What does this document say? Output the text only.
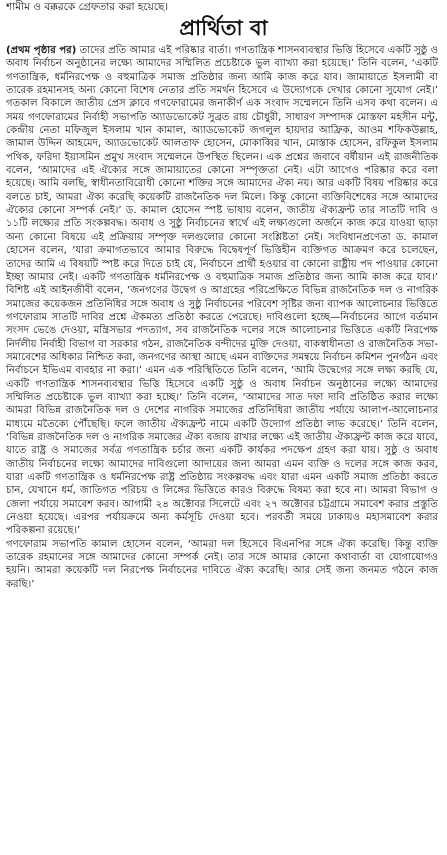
শামীম ও বক্করকে গ্রেফতার করা হয়েছে।
প্রার্থিতা বা

(প্রথম পৃষ্ঠার পর) তাদের প্রতি আমার এই পরিষ্কার বার্তা। গণতান্ত্রিক শাসনব্যবস্থার ভিত্তি হিসেবে একটি সুষ্ঠু ও অবাধ নির্বাচন অনুষ্ঠানের লক্ষ্যে আমাদের সম্মিলিত প্রচেষ্টাকে ভুল ব্যাখ্যা করা হয়েছে।’ তিনি বলেন, ‘একটি গণতান্ত্রিক, ধর্মনিরপেক্ষ ও বহুমাত্রিক সমাজ প্রতিষ্ঠার জন্য আমি কাজ করে যাব। জামায়াতে ইসলামী বা তারেক রহমানসহ অন্য কোনো বিশেষ নেতার প্রতি সমর্থন হিসেবে এ উদ্যোগকে দেখার কোনো সুযোগ নেই।’ গতকাল বিকালে জাতীয় প্রেস ক্লাবে গণফোরামের জনাকীর্ণ এক সংবাদ সম্মেলনে তিনি এসব কথা বলেন। এ সময় গণফোরামের নির্বাহী সভাপতি অ্যাডভোকেট সুব্রত রায় চৌধুরী, সাধারণ সম্পাদক মোস্তফা মহসীন মন্টু, কেন্দ্রীয় নেতা মফিজুল ইসলাম খান কামাল, অ্যাডভোকেট জগলুল হায়দার আফ্রিক, আওম শফিকউল্লাহ, জামাল উদ্দিন আহমেদ, অ্যাডভোকেট আলতাফ হোসেন, মোকাব্বির খান, মোস্তাক হোসেন, রফিকুল ইসলাম পথিক, ফরিদা ইয়াসমিন প্রমুখ সংবাদ সম্মেলনে উপস্থিত ছিলেন। এক প্রশ্নের জবাবে বর্ষীয়ান এই রাজনীতিক বলেন, ‘আমাদের এই ঐক্যের সঙ্গে জামায়াতের কোনো সম্পৃক্ততা নেই। এটা আগেও পরিষ্কার করে বলা হয়েছে। আমি বলছি, স্বাধীনতাবিরোধী কোনো শক্তির সঙ্গে আমাদের ঐক্য নয়। আর একটি বিষয় পরিষ্কার করে বলতে চাই, আমরা ঐক্য করেছি কয়েকটি রাজনৈতিক দল মিলে। কিন্তু কোনো ব্যক্তিবিশেষের সঙ্গে আমাদের ঐক্যের কোনো সম্পর্ক নেই।’ ড. কামাল হোসেন স্পষ্ট ভাষায় বলেন, জাতীয় ঐক্যফ্রন্ট তার সাতটি দাবি ও ১১টি লক্ষ্যের প্রতি সংকল্পবদ্ধ। অবাধ ও সুষ্ঠু নির্বাচনের স্বার্থে এই লক্ষ্যগুলো অর্জনে কাজ করে যাওয়া ছাড়া অন্য কোনো বিষয়ে এই প্রক্রিয়ায় সম্পৃক্ত দলগুলোর কোনো সংশ্লিষ্টতা নেই। সংবিধানপ্রণেতা ড. কামাল হোসেন বলেন, ‘যারা ক্রমাগতভাবে আমার বিরুদ্ধে বিদ্বেষপূর্ণ ভিত্তিহীন ব্যক্তিগত আক্রমণ করে চলেছেন, তাদের আমি এ বিষয়টি স্পষ্ট করে দিতে চাই যে, নির্বাচনে প্রার্থী হওয়ার বা কোনো রাষ্ট্রীয় পদ পাওয়ার কোনো ইচ্ছা আমার নেই। একটি গণতান্ত্রিক ধর্মনিরপেক্ষ ও বহুমাত্রিক সমাজ প্রতিষ্ঠার জন্য আমি কাজ করে যাব।’ বিশিষ্ট এই আইনজীবী বলেন, ‘জনগণের উদ্বেগ ও আগ্রহের পরিপ্রেক্ষিতে বিভিন্ন রাজনৈতিক দল ও নাগরিক সমাজের কয়েকজন প্রতিনিধির সঙ্গে অবাধ ও সুষ্ঠু নির্বাচনের পরিবেশ সৃষ্টির জন্য ব্যাপক আলোচনার ভিত্তিতে গণফোরাম সাতটি দাবির প্রশ্নে ঐকমত্য প্রতিষ্ঠা করতে পেরেছে। দাবিগুলো হচ্ছে—নির্বাচনের আগে বর্তমান সংসদ ভেঙে দেওয়া, মন্ত্রিসভার পদত্যাগ, সব রাজনৈতিক দলের সঙ্গে আলোচনার ভিত্তিতে একটি নিরপেক্ষ নির্দলীয় নির্বাহী বিভাগ বা সরকার গঠন, রাজনৈতিক বন্দীদের মুক্তি দেওয়া, বাকস্বাধীনতা ও রাজনৈতিক সভা-সমাবেশের অধিকার নিশ্চিত করা, জনগণের আস্থা আছে এমন ব্যক্তিদের সমন্বয়ে নির্বাচন কমিশন পুনর্গঠন এবং নির্বাচনে ইভিএম ব্যবহার না করা।’ এমন এক পরিস্থিতিতে তিনি বলেন, ‘আমি উদ্বেগের সঙ্গে লক্ষ্য করছি যে, একটি গণতান্ত্রিক শাসনব্যবস্থার ভিত্তি হিসেবে একটি সুষ্ঠু ও অবাধ নির্বাচন অনুষ্ঠানের লক্ষ্যে আমাদের সম্মিলিত প্রচেষ্টাকে ভুল ব্যাখ্যা করা হচ্ছে।’ তিনি বলেন, ‘আমাদের সাত দফা দাবি প্রতিষ্ঠিত করার লক্ষ্যে আমরা বিভিন্ন রাজনৈতিক দল ও দেশের নাগরিক সমাজের প্রতিনিধিরা জাতীয় পর্যায়ে আলাপ-আলোচনার মাধ্যমে মতৈক্যে পৌঁছেছি। ফলে জাতীয় ঐক্যফ্রন্ট নামে একটি উদ্যোগ প্রতিষ্ঠা লাভ করেছে।’ তিনি বলেন, ‘বিভিন্ন রাজনৈতিক দল ও নাগরিক সমাজের ঐক্য বজায় রাখার লক্ষ্যে এই জাতীয় ঐক্যফ্রন্ট কাজ করে যাবে, যাতে রাষ্ট্র ও সমাজের সর্বত্র গণতান্ত্রিক চর্চার জন্য একটি কার্যকর পদক্ষেপ গ্রহণ করা যায়। সুষ্ঠু ও অবাধ জাতীয় নির্বাচনের লক্ষ্যে আমাদের দাবিগুলো আদায়ের জন্য আমরা এমন ব্যক্তি ও দলের সঙ্গে কাজ করব, যারা একটি গণতান্ত্রিক ও ধর্মনিরপেক্ষ রাষ্ট্র প্রতিষ্ঠায় সংকল্পবদ্ধ এবং যারা এমন একটি সমাজ প্রতিষ্ঠা করতে চান, যেখানে ধর্ম, জাতিগত পরিচয় ও লিঙ্গের ভিত্তিতে কারও বিরুদ্ধে বিষম্য করা হবে না। আমরা বিভাগ ও জেলা পর্যায়ে সমাবেশ করব। আগামী ২৪ অক্টোবর সিলেটে এবং ২৭ অক্টোবর চট্টগ্রামে সমাবেশ করার প্রস্তুতি নেওয়া হয়েছে। এরপর পর্যায়ক্রমে অন্য কর্মসূচি দেওয়া হবে। পরবর্তী সময়ে ঢাকায়ও মহাসমাবেশ করার পরিকল্পনা রয়েছে।’

গণফোরাম সভাপতি কামাল হোসেন বলেন, ‘আমরা দল হিসেবে বিএনপির সঙ্গে ঐক্য করেছি। কিন্তু ব্যক্তি তারেক রহমানের সঙ্গে আমাদের কোনো সম্পর্ক নেই। তার সঙ্গে আমার কোনো কথাবার্তা বা যোগাযোগও হয়নি। আমরা কয়েকটি দল নিরপেক্ষ নির্বাচনের দাবিতে ঐক্য করেছি। আর সেই জন্য জনমত গঠনে কাজ করছি।’
